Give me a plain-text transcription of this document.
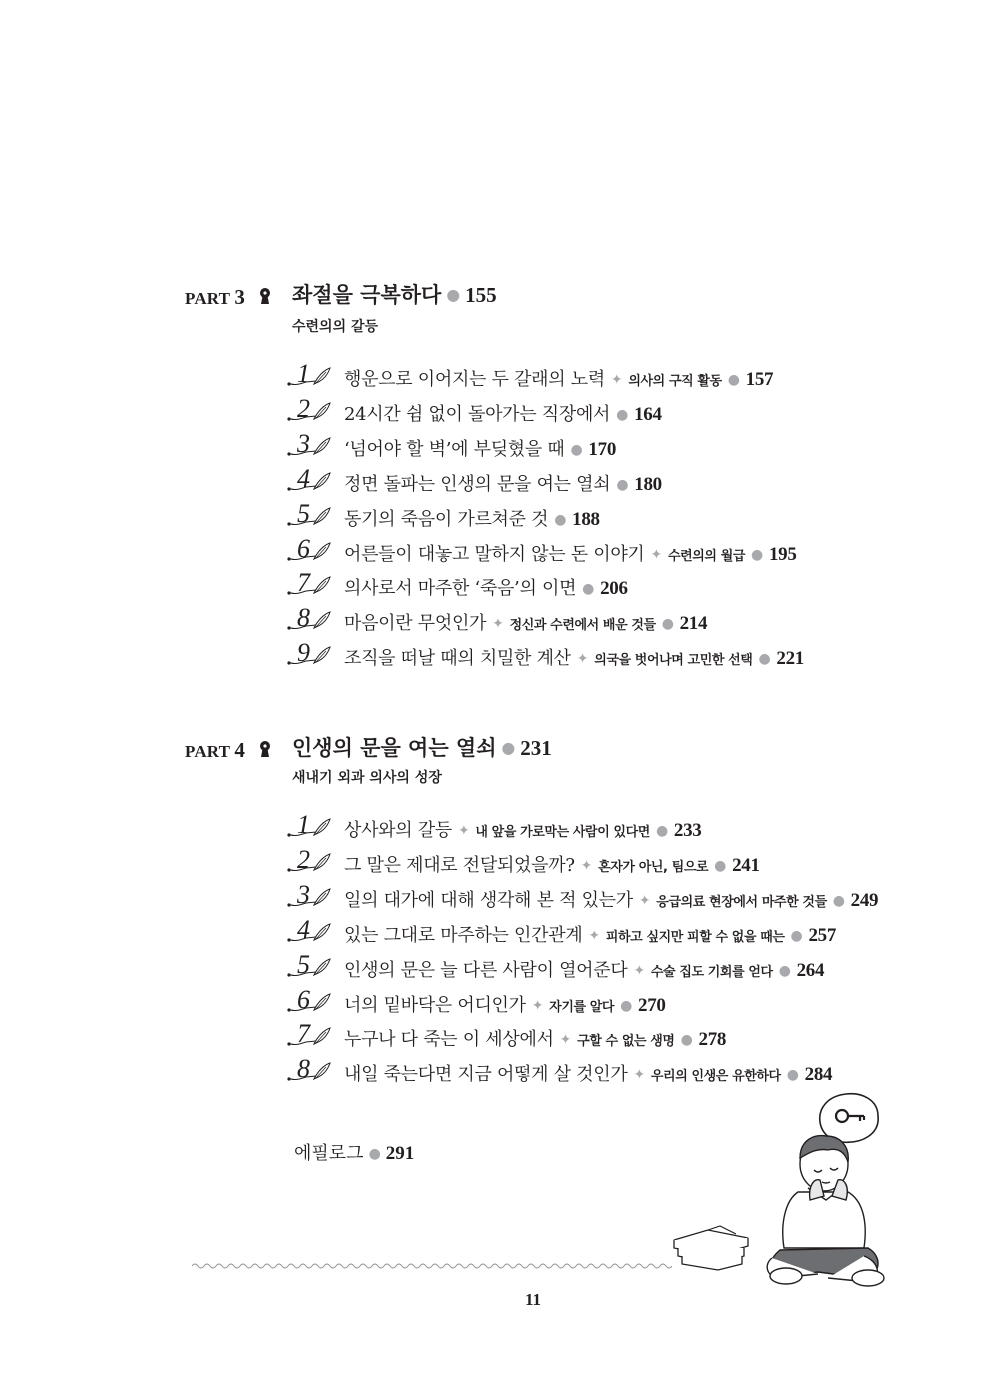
PART 3 좌절을 극복하다 ● 155
수련의의 갈등
1 행운으로 이어지는 두 갈래의 노력 ✦ 의사의 구직 활동 ● 157
2 24시간 쉼 없이 돌아가는 직장에서 ● 164
3 ‘넘어야 할 벽’에 부딪혔을 때 ● 170
4 정면 돌파는 인생의 문을 여는 열쇠 ● 180
5 동기의 죽음이 가르쳐준 것 ● 188
6 어른들이 대놓고 말하지 않는 돈 이야기 ✦ 수련의의 월급 ● 195
7 의사로서 마주한 ‘죽음’의 이면 ● 206
8 마음이란 무엇인가 ✦ 정신과 수련에서 배운 것들 ● 214
9 조직을 떠날 때의 치밀한 계산 ✦ 의국을 벗어나며 고민한 선택 ● 221
PART 4 인생의 문을 여는 열쇠 ● 231
새내기 외과 의사의 성장
1 상사와의 갈등 ✦ 내 앞을 가로막는 사람이 있다면 ● 233
2 그 말은 제대로 전달되었을까? ✦ 혼자가 아닌, 팀으로 ● 241
3 일의 대가에 대해 생각해 본 적 있는가 ✦ 응급의료 현장에서 마주한 것들 ● 249
4 있는 그대로 마주하는 인간관계 ✦ 피하고 싶지만 피할 수 없을 때는 ● 257
5 인생의 문은 늘 다른 사람이 열어준다 ✦ 수술 집도 기회를 얻다 ● 264
6 너의 밑바닥은 어디인가 ✦ 자기를 알다 ● 270
7 누구나 다 죽는 이 세상에서 ✦ 구할 수 없는 생명 ● 278
8 내일 죽는다면 지금 어떻게 살 것인가 ✦ 우리의 인생은 유한하다 ● 284
에필로그 ● 291
11
